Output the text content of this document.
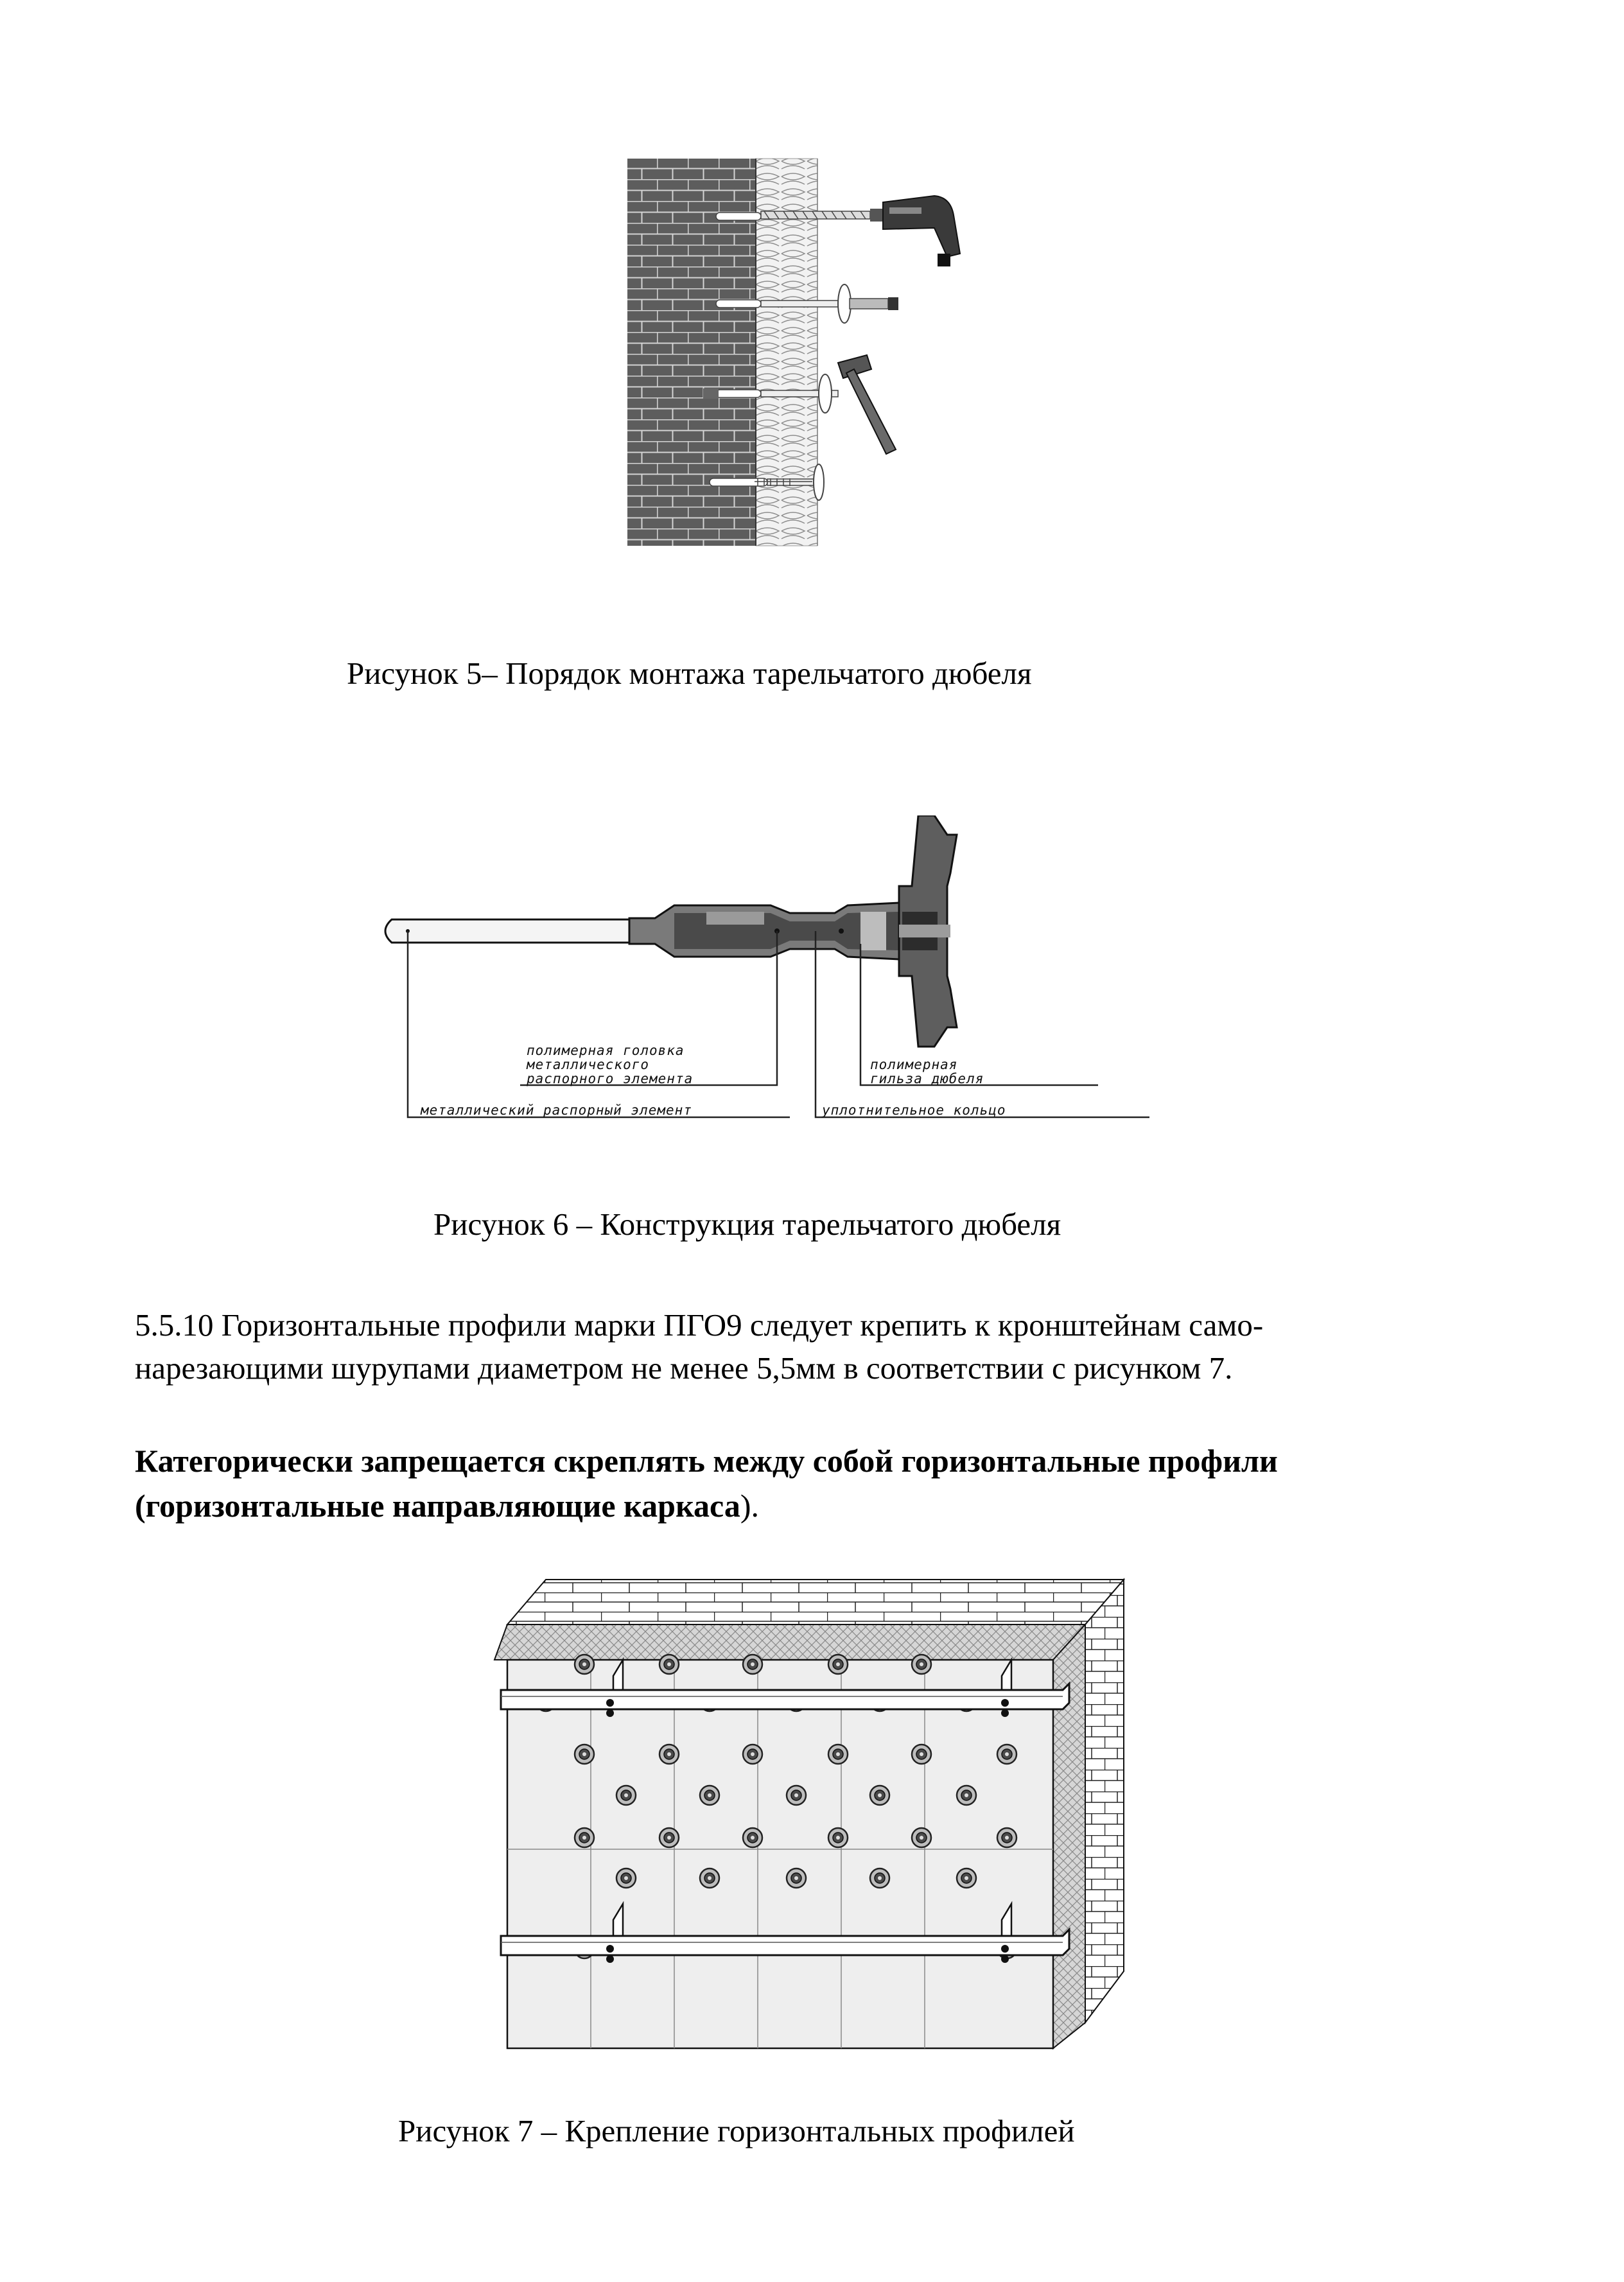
Рисунок 5– Порядок монтажа тарельчатого дюбеля
полимерная головка
металлического
распорного элемента
металлический распорный элемент
полимерная
гильза дюбеля
уплотнительное кольцо
Рисунок 6 – Конструкция тарельчатого дюбеля
5.5.10 Горизонтальные профили марки ПГО9 следует крепить к кронштейнам само-
нарезающими шурупами диаметром не менее 5,5мм в соответствии с рисунком 7.
Категорически запрещается скреплять между собой горизонтальные профили
(горизонтальные направляющие каркаса).
Рисунок 7 – Крепление горизонтальных профилей
